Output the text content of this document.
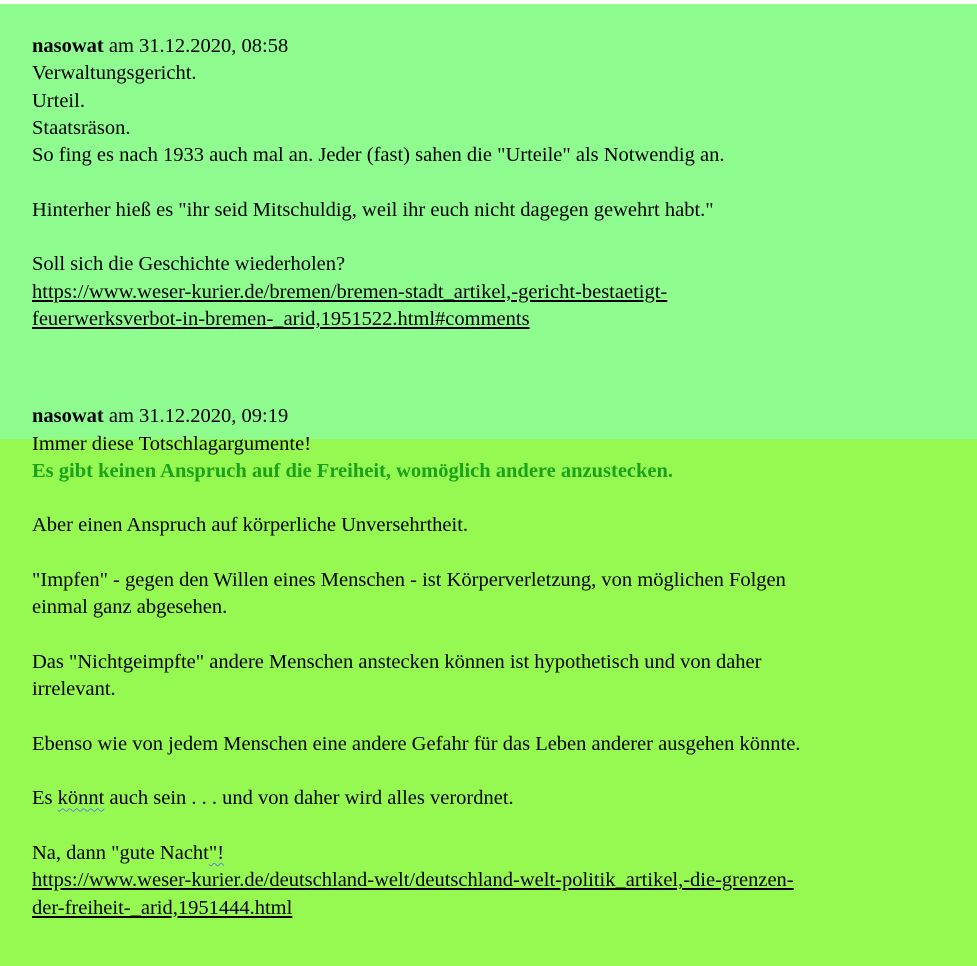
nasowat am 31.12.2020, 08:58
Verwaltungsgericht.
Urteil.
Staatsräson.
So fing es nach 1933 auch mal an. Jeder (fast) sahen die "Urteile" als Notwendig an.
Hinterher hieß es "ihr seid Mitschuldig, weil ihr euch nicht dagegen gewehrt habt."
Soll sich die Geschichte wiederholen?
https://www.weser-kurier.de/bremen/bremen-stadt_artikel,-gericht-bestaetigt-
feuerwerksverbot-in-bremen-_arid,1951522.html#comments
nasowat am 31.12.2020, 09:19
Immer diese Totschlagargumente!
Es gibt keinen Anspruch auf die Freiheit, womöglich andere anzustecken.
Aber einen Anspruch auf körperliche Unversehrtheit.
"Impfen" - gegen den Willen eines Menschen - ist Körperverletzung, von möglichen Folgen
einmal ganz abgesehen.
Das "Nichtgeimpfte" andere Menschen anstecken können ist hypothetisch und von daher
irrelevant.
Ebenso wie von jedem Menschen eine andere Gefahr für das Leben anderer ausgehen könnte.
Es könnt auch sein . . . und von daher wird alles verordnet.
Na, dann "gute Nacht"!
https://www.weser-kurier.de/deutschland-welt/deutschland-welt-politik_artikel,-die-grenzen-
der-freiheit-_arid,1951444.html
